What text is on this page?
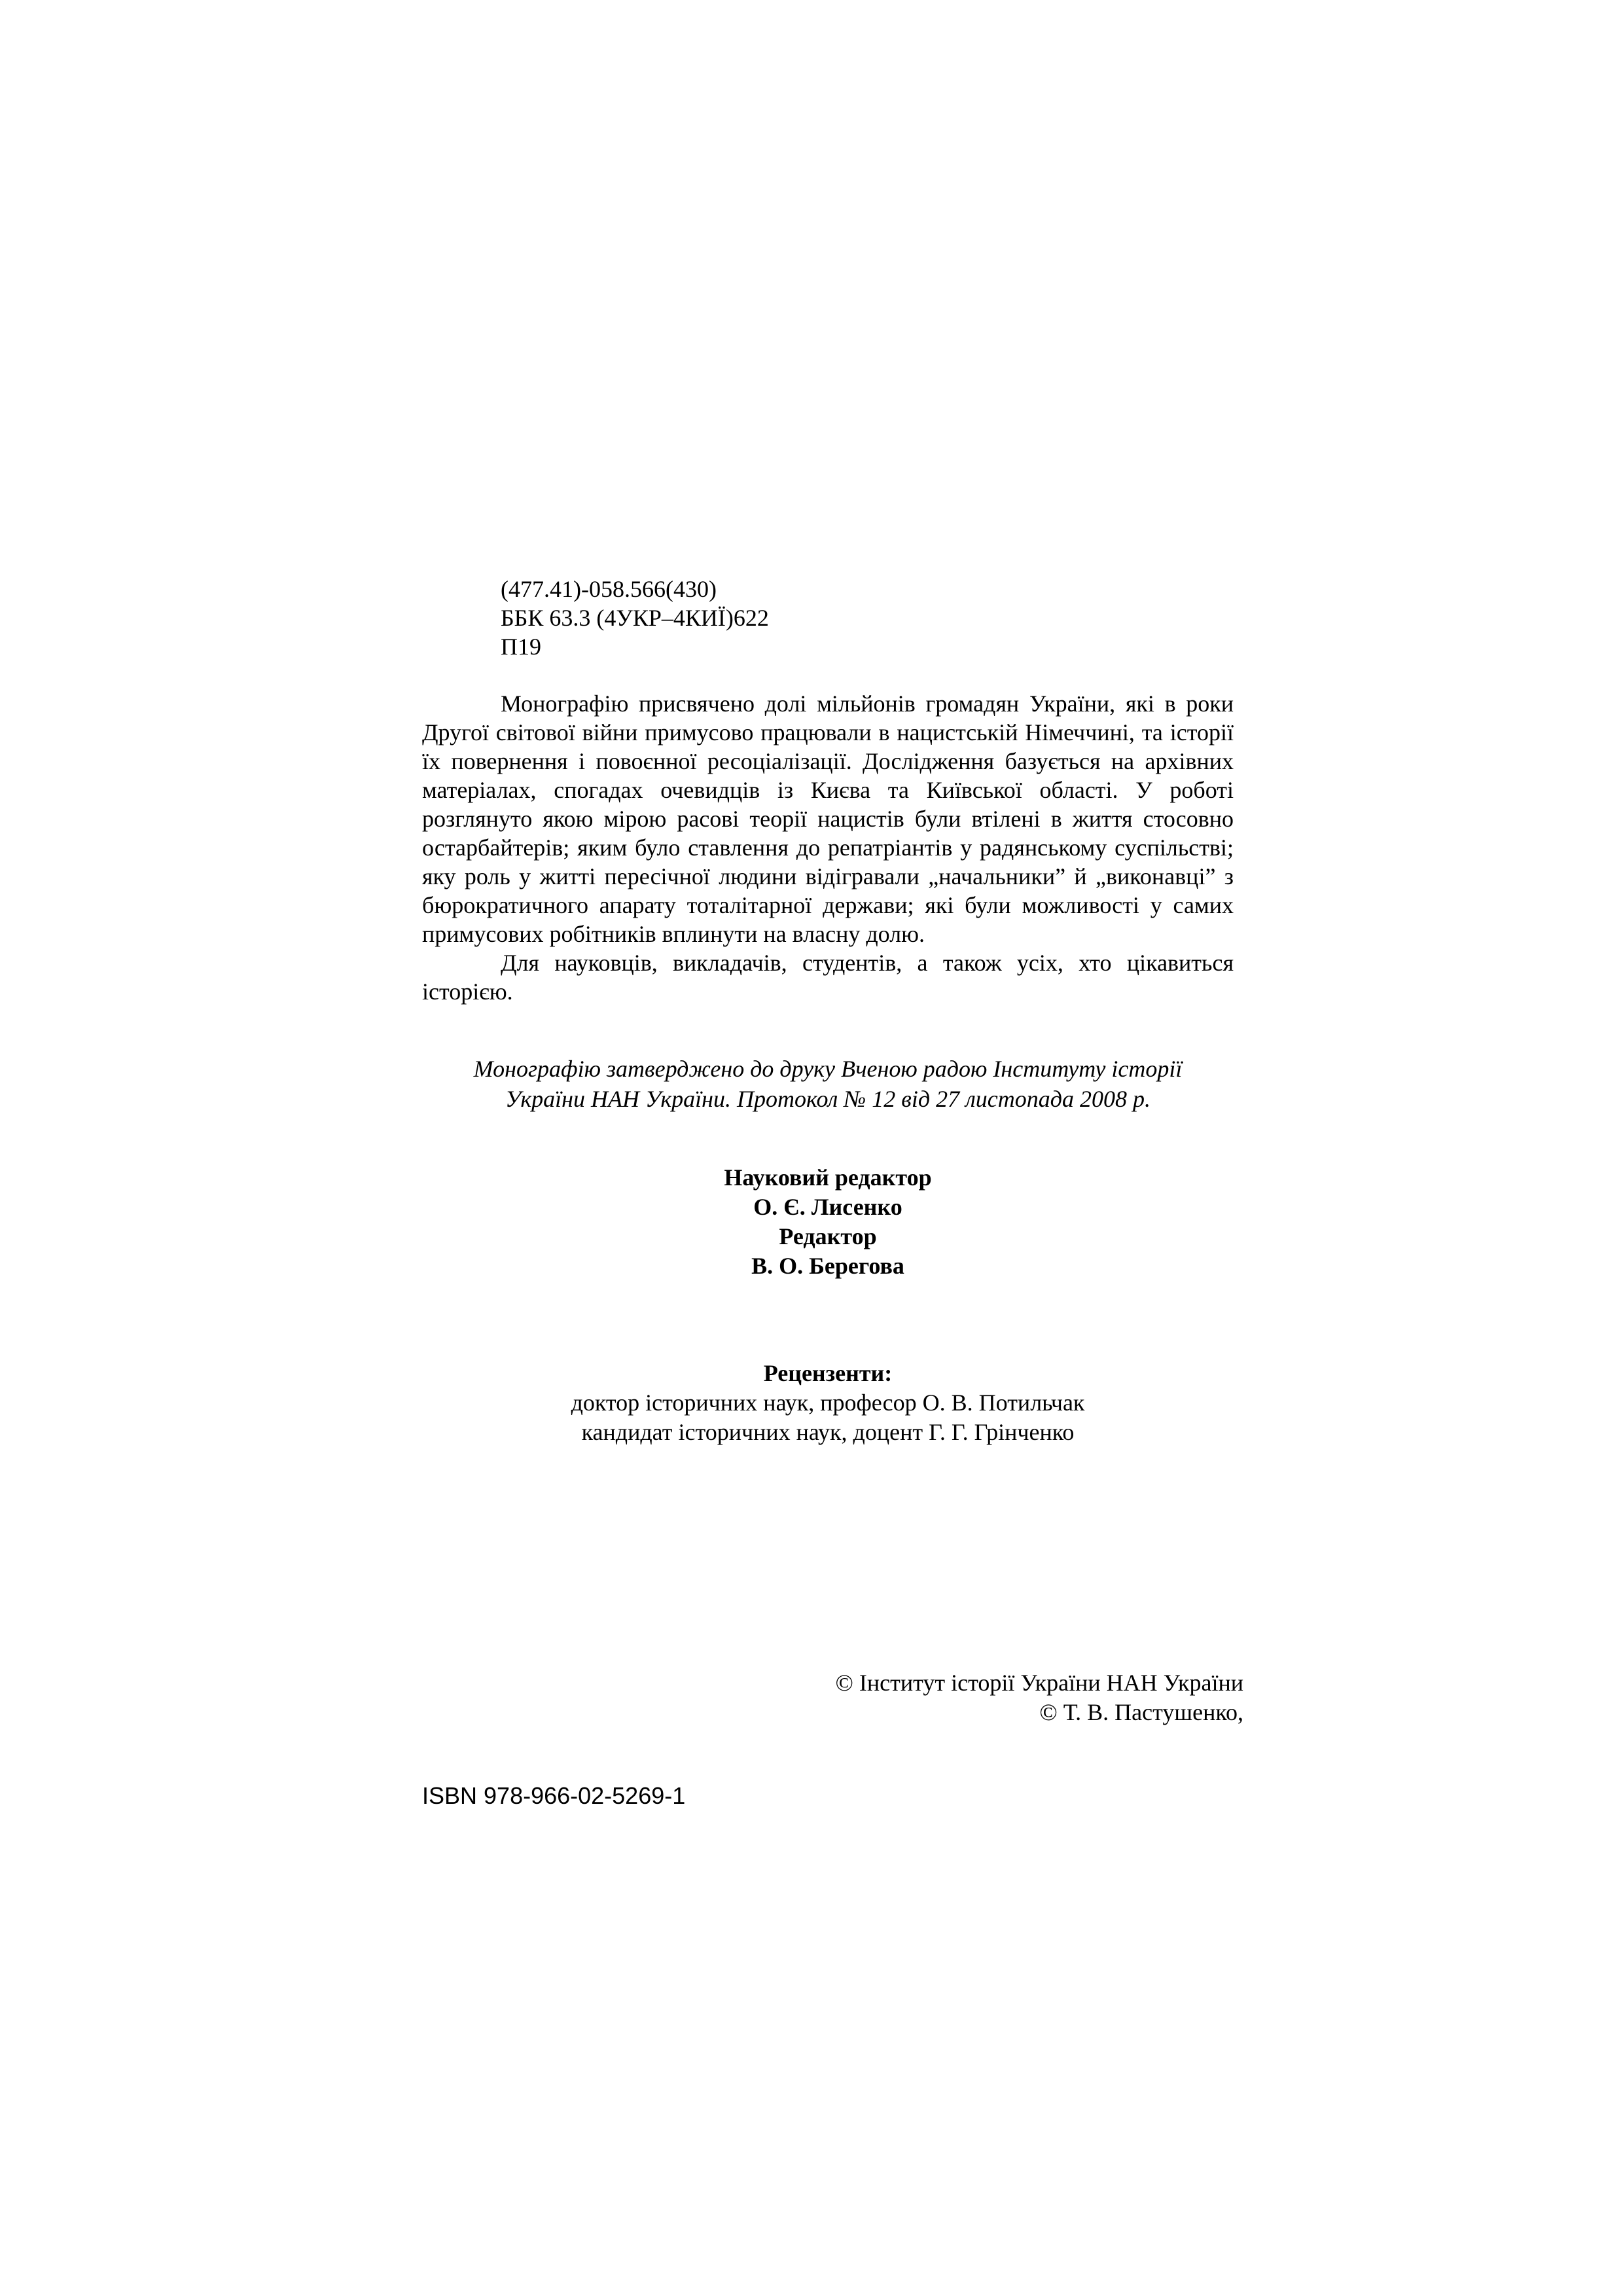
(477.41)-058.566(430)
ББК 63.3 (4УКР–4КИЇ)622
П19

Монографію присвячено долі мільйонів громадян України, які в роки Другої світової війни примусово працювали в нацистській Німеччині, та історії їх повернення і повоєнної ресоціалізації. Дослідження базується на архівних матеріалах, спогадах очевидців із Києва та Київської області. У роботі розглянуто якою мірою расові теорії нацистів були втілені в життя стосовно остарбайтерів; яким було ставлення до репатріантів у радянському суспільстві; яку роль у житті пересічної людини відігравали „начальники” й „виконавці” з бюрократичного апарату тоталітарної держави; які були можливості у самих примусових робітників вплинути на власну долю.

Для науковців, викладачів, студентів, а також усіх, хто цікавиться історією.

Монографію затверджено до друку Вченою радою Інституту історії
України НАН України. Протокол № 12 від 27 листопада 2008 р.
Науковий редактор
О. Є. Лисенко
Редактор
В. О. Берегова
Рецензенти:
доктор історичних наук, професор О. В. Потильчак
кандидат історичних наук, доцент Г. Г. Грінченко
© Інститут історії України НАН України
© Т. В. Пастушенко,
ISBN 978-966-02-5269-1
